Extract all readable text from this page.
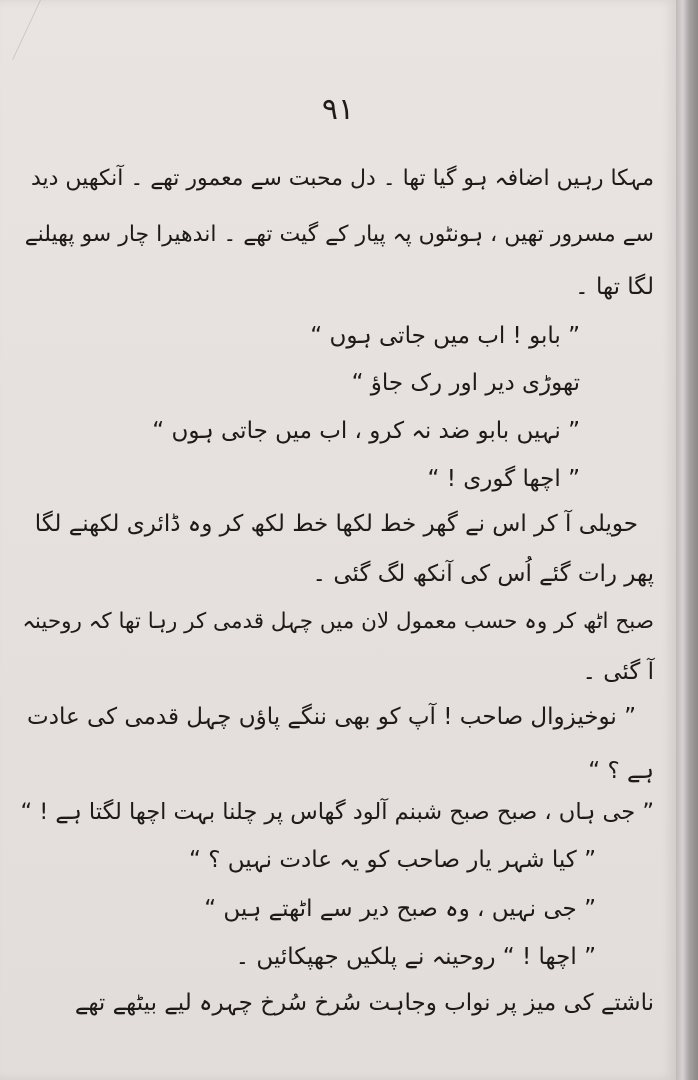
٩١
مہکا رہیں اضافہ ہو گیا تھا ۔ دل محبت سے معمور تھے ۔ آنکھیں دید
سے مسرور تھیں ، ہونٹوں پہ پیار کے گیت تھے ۔ اندھیرا چار سو پھیلنے
لگا تھا ۔
” بابو ! اب میں جاتی ہوں “
تھوڑی دیر اور رک جاؤ “
” نہیں بابو ضد نہ کرو ، اب میں جاتی ہوں “
” اچھا گوری ! “
حویلی آ کر اس نے گھر خط لکھا خط لکھ کر وہ ڈائری لکھنے لگا
پھر رات گئے اُس کی آنکھ لگ گئی ۔
صبح اٹھ کر وہ حسب معمول لان میں چہل قدمی کر رہا تھا کہ روحینہ
آ گئی ۔
” نوخیزوال صاحب ! آپ کو بھی ننگے پاؤں چہل قدمی کی عادت
ہے ؟ “
” جی ہاں ، صبح صبح شبنم آلود گھاس پر چلنا بہت اچھا لگتا ہے ! “
” کیا شہر یار صاحب کو یہ عادت نہیں ؟ “
” جی نہیں ، وہ صبح دیر سے اٹھتے ہیں “
” اچھا ! “ روحینہ نے پلکیں جھپکائیں ۔
ناشتے کی میز پر نواب وجاہت سُرخ سُرخ چہرہ لیے بیٹھے تھے
